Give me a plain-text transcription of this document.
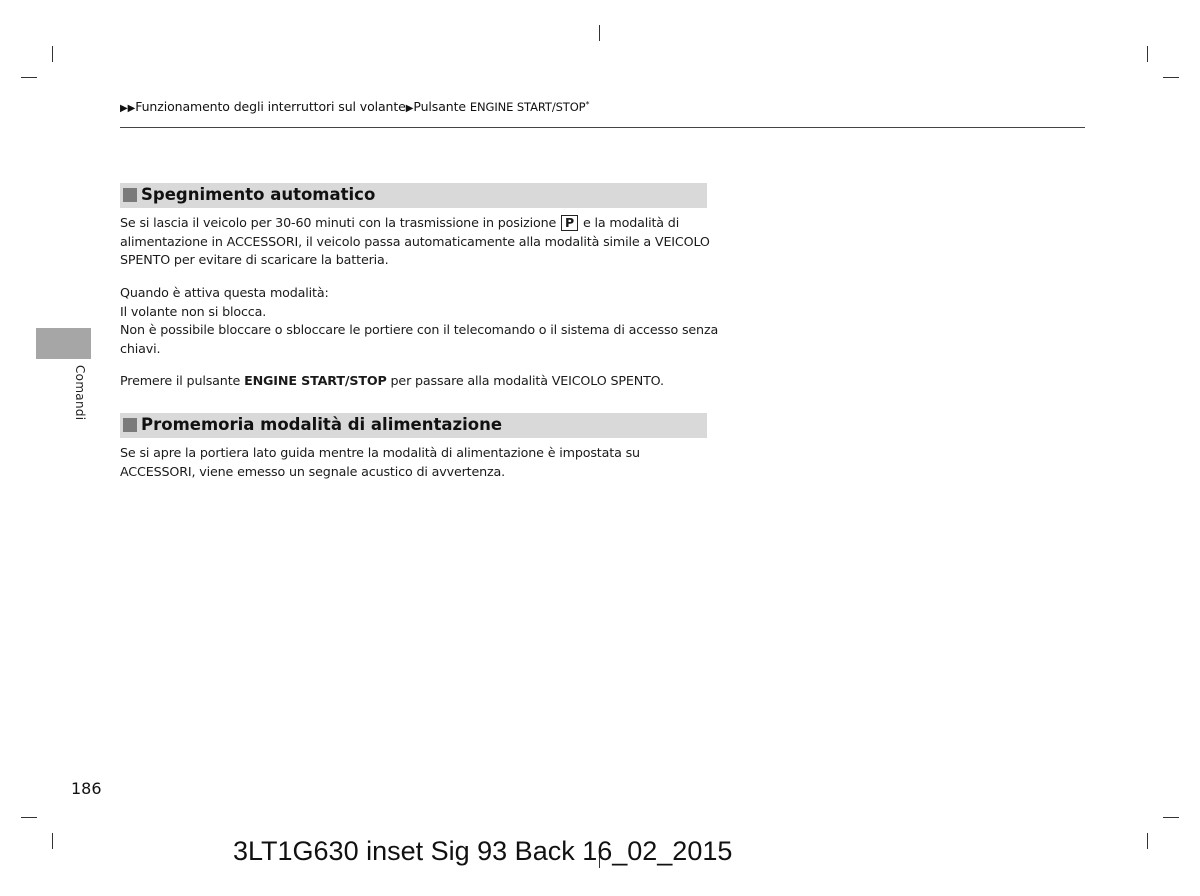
▶▶Funzionamento degli interruttori sul volante▶Pulsante ENGINE START/STOP*
Spegnimento automatico
Se si lascia il veicolo per 30-60 minuti con la trasmissione in posizione P e la modalità di alimentazione in ACCESSORI, il veicolo passa automaticamente alla modalità simile a VEICOLO SPENTO per evitare di scaricare la batteria.
Quando è attiva questa modalità:
Il volante non si blocca.
Non è possibile bloccare o sbloccare le portiere con il telecomando o il sistema di accesso senza chiavi.
Premere il pulsante ENGINE START/STOP per passare alla modalità VEICOLO SPENTO.
Promemoria modalità di alimentazione
Se si apre la portiera lato guida mentre la modalità di alimentazione è impostata su ACCESSORI, viene emesso un segnale acustico di avvertenza.
Comandi
186
3LT1G630 inset Sig 93 Back 16_02_2015
